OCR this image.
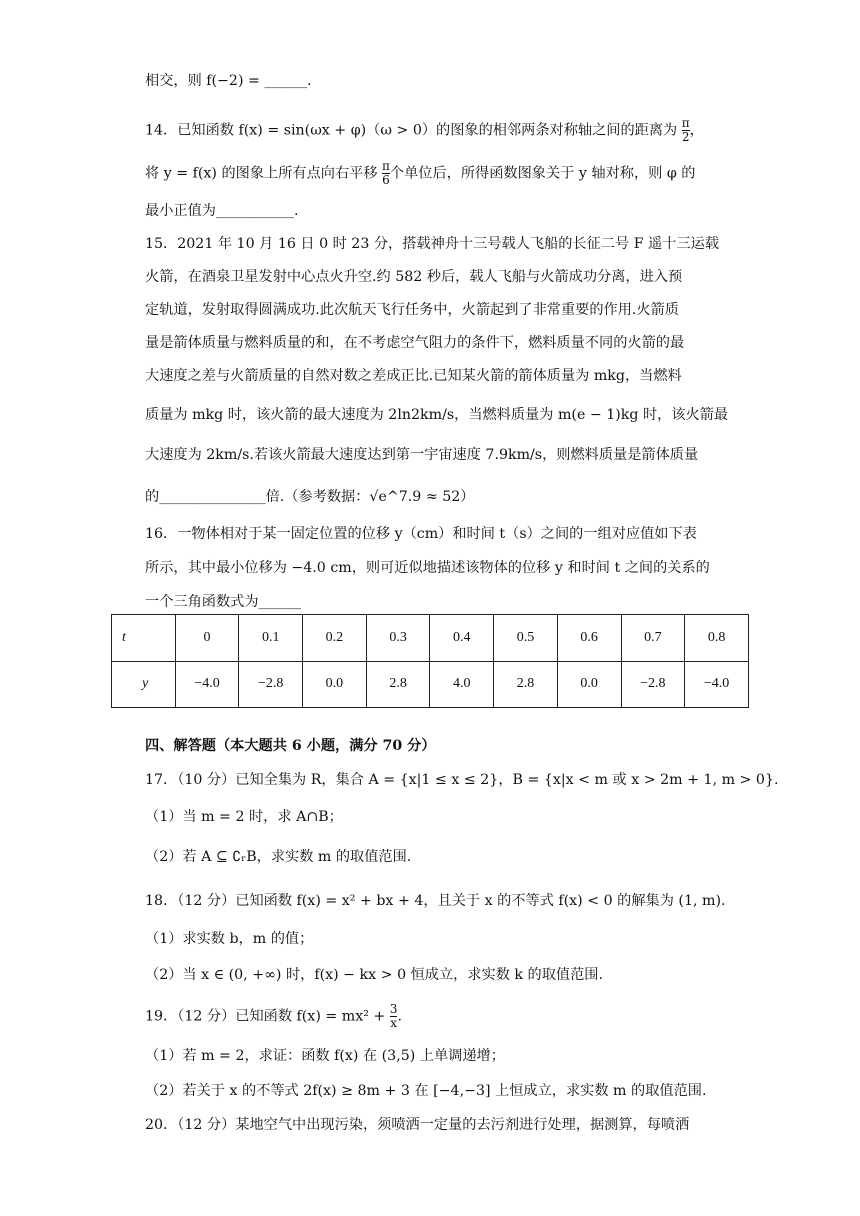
相交，则 f(−2) = ______.
14．已知函数 f(x) = sin(ωx + φ)（ω > 0）的图象的相邻两条对称轴之间的距离为 $\frac{\pi}{2}$ ，
将 y = f(x) 的图象上所有点向右平移 $\frac{\pi}{6}$ 个单位后，所得函数图象关于 y 轴对称，则 φ 的
最小正值为___________.
15．2021 年 10 月 16 日 0 时 23 分，搭载神舟十三号载人飞船的长征二号 F 遥十三运载
火箭，在酒泉卫星发射中心点火升空.约 582 秒后，载人飞船与火箭成功分离，进入预
定轨道，发射取得圆满成功.此次航天飞行任务中，火箭起到了非常重要的作用.火箭质
量是箭体质量与燃料质量的和，在不考虑空气阻力的条件下，燃料质量不同的火箭的最
大速度之差与火箭质量的自然对数之差成正比.已知某火箭的箭体质量为 mkg，当燃料
质量为 mkg 时，该火箭的最大速度为 2ln2km/s，当燃料质量为 m(e − 1)kg 时，该火箭最
大速度为 2km/s.若该火箭最大速度达到第一宇宙速度 7.9km/s，则燃料质量是箭体质量
的_______________倍.（参考数据：√e^7.9 ≈ 52）
16．一物体相对于某一固定位置的位移 y（cm）和时间 t（s）之间的一组对应值如下表
所示，其中最小位移为 −4.0 cm，则可近似地描述该物体的位移 y 和时间 t 之间的关系的
一个三角函数式为______
t	0	0.1	0.2	0.3	0.4	0.5	0.6	0.7	0.8
y	−4.0	−2.8	0.0	2.8	4.0	2.8	0.0	−2.8	−4.0
四、解答题（本大题共 6 小题，满分 70 分）
17．（10 分）已知全集为 R，集合 A = {x|1 ≤ x ≤ 2}，B = {x|x < m 或 x > 2m + 1, m > 0}.
（1）当 m = 2 时，求 A∩B；
（2）若 A ⊆ ∁ᵣB，求实数 m 的取值范围.
18．（12 分）已知函数 f(x) = x² + bx + 4，且关于 x 的不等式 f(x) < 0 的解集为 (1, m).
（1）求实数 b，m 的值；
（2）当 x ∈ (0, +∞) 时，f(x) − kx > 0 恒成立，求实数 k 的取值范围.
19．（12 分）已知函数 $f(x) = mx^2 + \frac{3}{x}$ .
（1）若 m = 2，求证：函数 f(x) 在 (3,5) 上单调递增；
（2）若关于 x 的不等式 2f(x) ≥ 8m + 3 在 [−4,−3] 上恒成立，求实数 m 的取值范围.
20．（12 分）某地空气中出现污染，须喷洒一定量的去污剂进行处理，据测算，每喷洒
